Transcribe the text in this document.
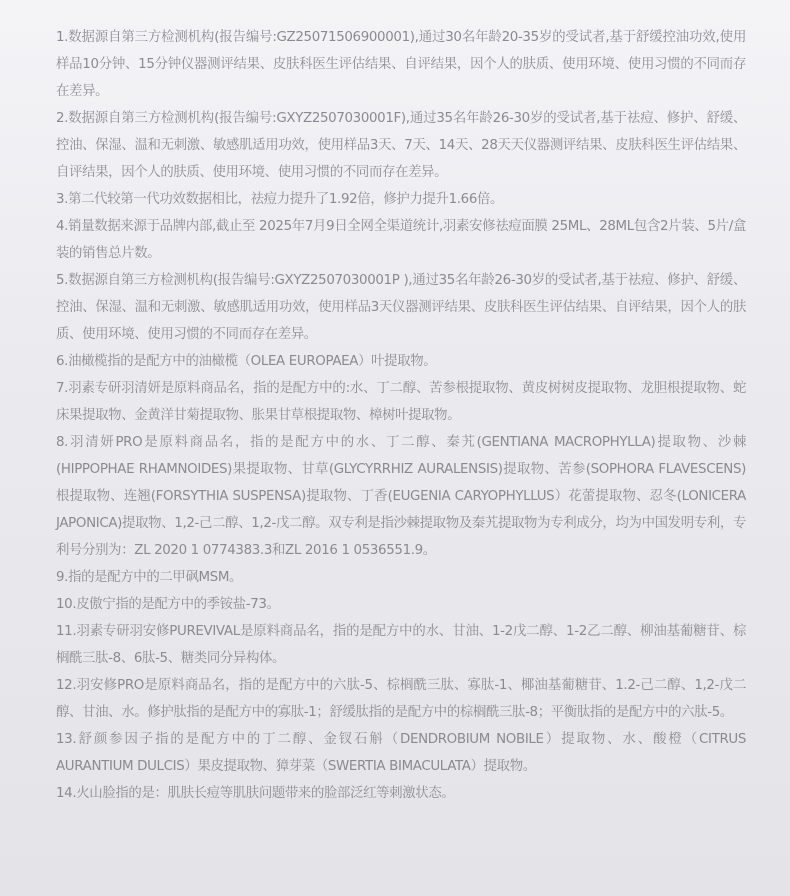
1.数据源自第三方检测机构(报告编号:GZ25071506900001),通过30名年龄20-35岁的受试者,基于舒缓控油功效,使用样品10分钟、15分钟仪器测评结果、皮肤科医生评估结果、自评结果，因个人的肤质、使用环境、使用习惯的不同而存在差异。

2.数据源自第三方检测机构(报告编号:GXYZ2507030001F),通过35名年龄26-30岁的受试者,基于祛痘、修护、舒缓、控油、保湿、温和无刺激、敏感肌适用功效，使用样品3天、7天、14天、28天天仪器测评结果、皮肤科医生评估结果、自评结果，因个人的肤质、使用环境、使用习惯的不同而存在差异。

3.第二代较第一代功效数据相比，祛痘力提升了1.92倍，修护力提升1.66倍。

4.销量数据来源于品牌内部,截止至 2025年7月9日全网全渠道统计,羽素安修祛痘面膜 25ML、28ML包含2片装、5片/盒装的销售总片数。

5.数据源自第三方检测机构(报告编号:GXYZ2507030001P ),通过35名年龄26-30岁的受试者,基于祛痘、修护、舒缓、控油、保湿、温和无刺激、敏感肌适用功效，使用样品3天仪器测评结果、皮肤科医生评估结果、自评结果，因个人的肤质、使用环境、使用习惯的不同而存在差异。

6.油橄榄指的是配方中的油橄榄（OLEA EUROPAEA）叶提取物。

7.羽素专研羽清妍是原料商品名，指的是配方中的:水、丁二醇、苦参根提取物、黄皮树树皮提取物、龙胆根提取物、蛇床果提取物、金黄洋甘菊提取物、胀果甘草根提取物、樟树叶提取物。

8.羽清妍PRO是原料商品名，指的是配方中的水、丁二醇、秦艽(GENTIANA MACROPHYLLA)提取物、沙棘(HIPPOPHAE RHAMNOIDES)果提取物、甘草(GLYCYRRHIZ AURALENSIS)提取物、苦参(SOPHORA FLAVESCENS)根提取物、连翘(FORSYTHIA SUSPENSA)提取物、丁香(EUGENIA CARYOPHYLLUS）花蕾提取物、忍冬(LONICERA JAPONICA)提取物、1,2-己二醇、1,2-戊二醇。双专利是指沙棘提取物及秦艽提取物为专利成分，均为中国发明专利，专利号分别为：ZL 2020 1 0774383.3和ZL 2016 1 0536551.9。

9.指的是配方中的二甲砜MSM。

10.皮傲宁指的是配方中的季铵盐-73。

11.羽素专研羽安修PUREVIVAL是原料商品名，指的是配方中的水、甘油、1-2戊二醇、1-2乙二醇、柳油基葡糖苷、棕榈酰三肽-8、6肽-5、糖类同分异构体。

12.羽安修PRO是原料商品名，指的是配方中的六肽-5、棕榈酰三肽、寡肽-1、椰油基葡糖苷、1.2-己二醇、1,2-戊二醇、甘油、水。修护肽指的是配方中的寡肽-1；舒缓肽指的是配方中的棕榈酰三肽-8；平衡肽指的是配方中的六肽-5。

13.舒颜参因子指的是配方中的丁二醇、金钗石斛（DENDROBIUM NOBILE）提取物、水、酸橙（CITRUS AURANTIUM DULCIS）果皮提取物、獐芽菜（SWERTIA BIMACULATA）提取物。

14.火山脸指的是：肌肤长痘等肌肤问题带来的脸部泛红等刺激状态。
